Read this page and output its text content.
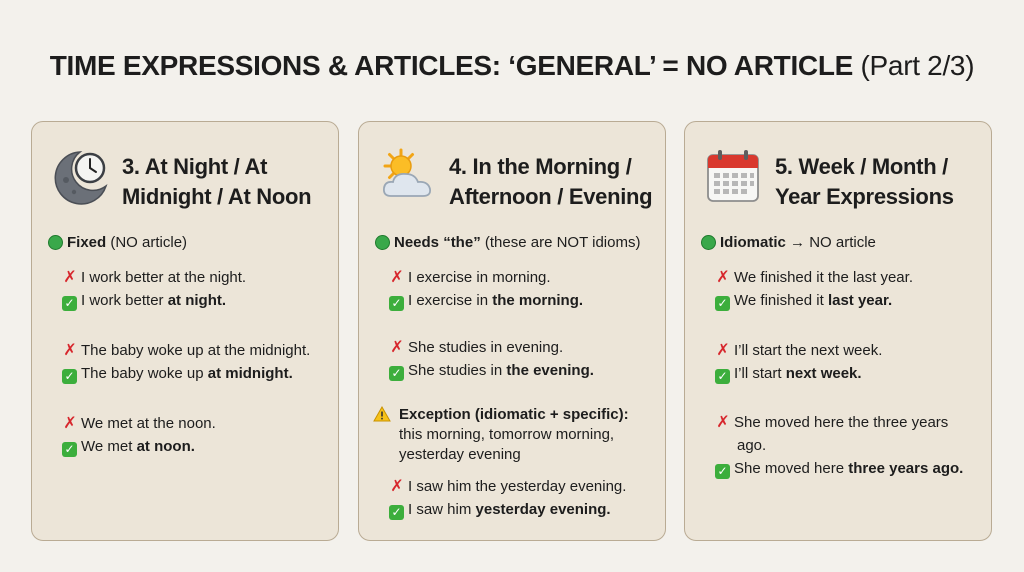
TIME EXPRESSIONS & ARTICLES: ‘GENERAL’ = NO ARTICLE (Part 2/3)
3. At Night / At
Midnight / At Noon
Fixed (NO article)
✗ I work better at the night.
✓ I work better at night.
✗ The baby woke up at the midnight.
✓ The baby woke up at midnight.
✗ We met at the noon.
✓ We met at noon.
4. In the Morning /
Afternoon / Evening
Needs “the” (these are NOT idioms)
✗ I exercise in morning.
✓ I exercise in the morning.
✗ She studies in evening.
✓ She studies in the evening.
Exception (idiomatic + specific):
this morning, tomorrow morning,
yesterday evening
✗ I saw him the yesterday evening.
✓ I saw him yesterday evening.
5. Week / Month /
Year Expressions
Idiomatic → NO article
✗ We finished it the last year.
✓ We finished it last year.
✗ I’ll start the next week.
✓ I’ll start next week.
✗ She moved here the three years
ago.
✓ She moved here three years ago.
